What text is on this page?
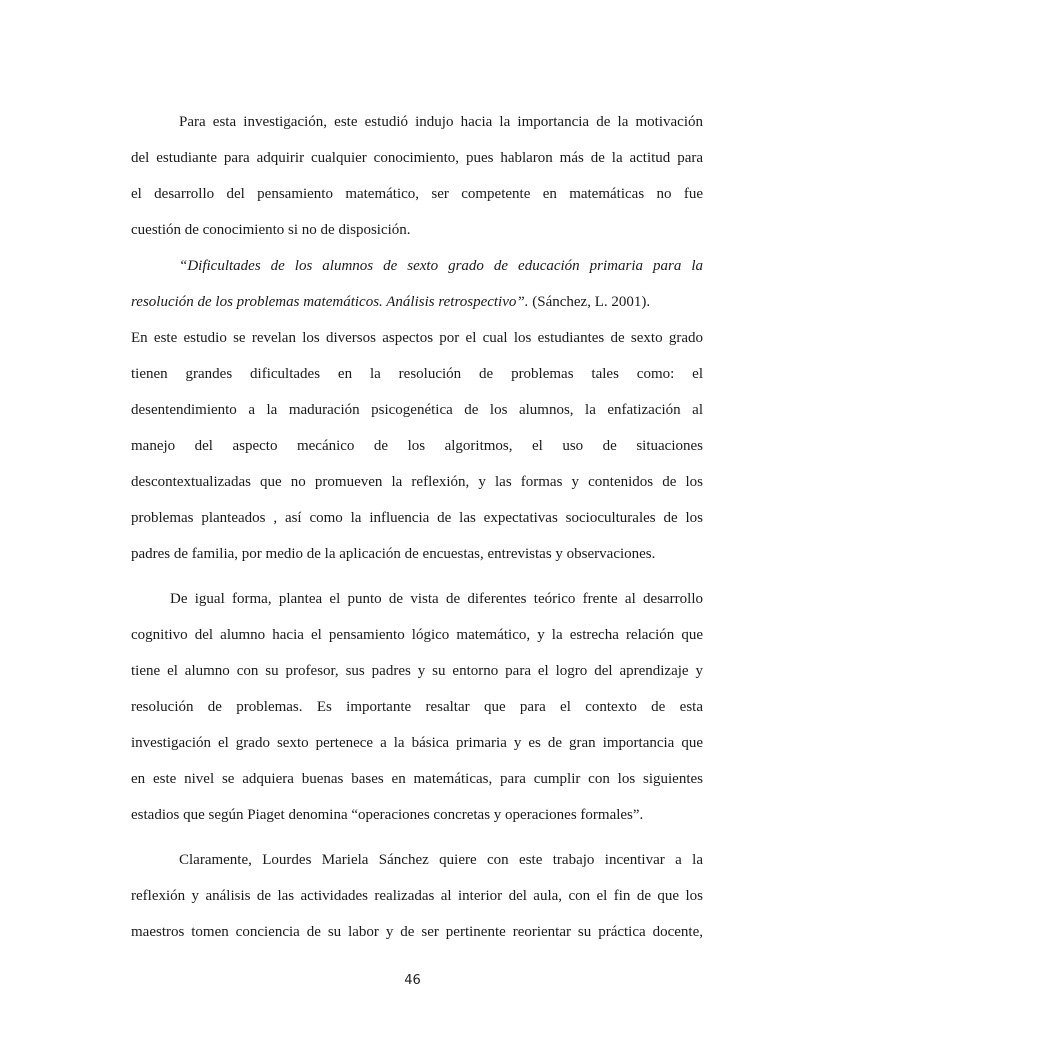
Para esta investigación, este estudió indujo hacia la importancia de la motivación
del estudiante para adquirir cualquier conocimiento, pues hablaron más de la actitud para
el desarrollo del pensamiento matemático, ser competente en matemáticas no fue
cuestión de conocimiento si no de disposición.
“Dificultades de los alumnos de sexto grado de educación primaria para la
resolución de los problemas matemáticos. Análisis retrospectivo”. (Sánchez, L. 2001).
En este estudio se revelan los diversos aspectos por el cual los estudiantes de sexto grado
tienen grandes dificultades en la resolución de problemas tales como: el
desentendimiento a la maduración psicogenética de los alumnos, la enfatización al
manejo del aspecto mecánico de los algoritmos, el uso de situaciones
descontextualizadas que no promueven la reflexión, y las formas y contenidos de los
problemas planteados , así como la influencia de las expectativas socioculturales de los
padres de familia, por medio de la aplicación de encuestas, entrevistas y observaciones.
De igual forma, plantea el punto de vista de diferentes teórico frente al desarrollo
cognitivo del alumno hacia el pensamiento lógico matemático, y la estrecha relación que
tiene el alumno con su profesor, sus padres y su entorno para el logro del aprendizaje y
resolución de problemas. Es importante resaltar que para el contexto de esta
investigación el grado sexto pertenece a la básica primaria y es de gran importancia que
en este nivel se adquiera buenas bases en matemáticas, para cumplir con los siguientes
estadios que según Piaget denomina “operaciones concretas y operaciones formales”.
Claramente, Lourdes Mariela Sánchez quiere con este trabajo incentivar a la
reflexión y análisis de las actividades realizadas al interior del aula, con el fin de que los
maestros tomen conciencia de su labor y de ser pertinente reorientar su práctica docente,
46
